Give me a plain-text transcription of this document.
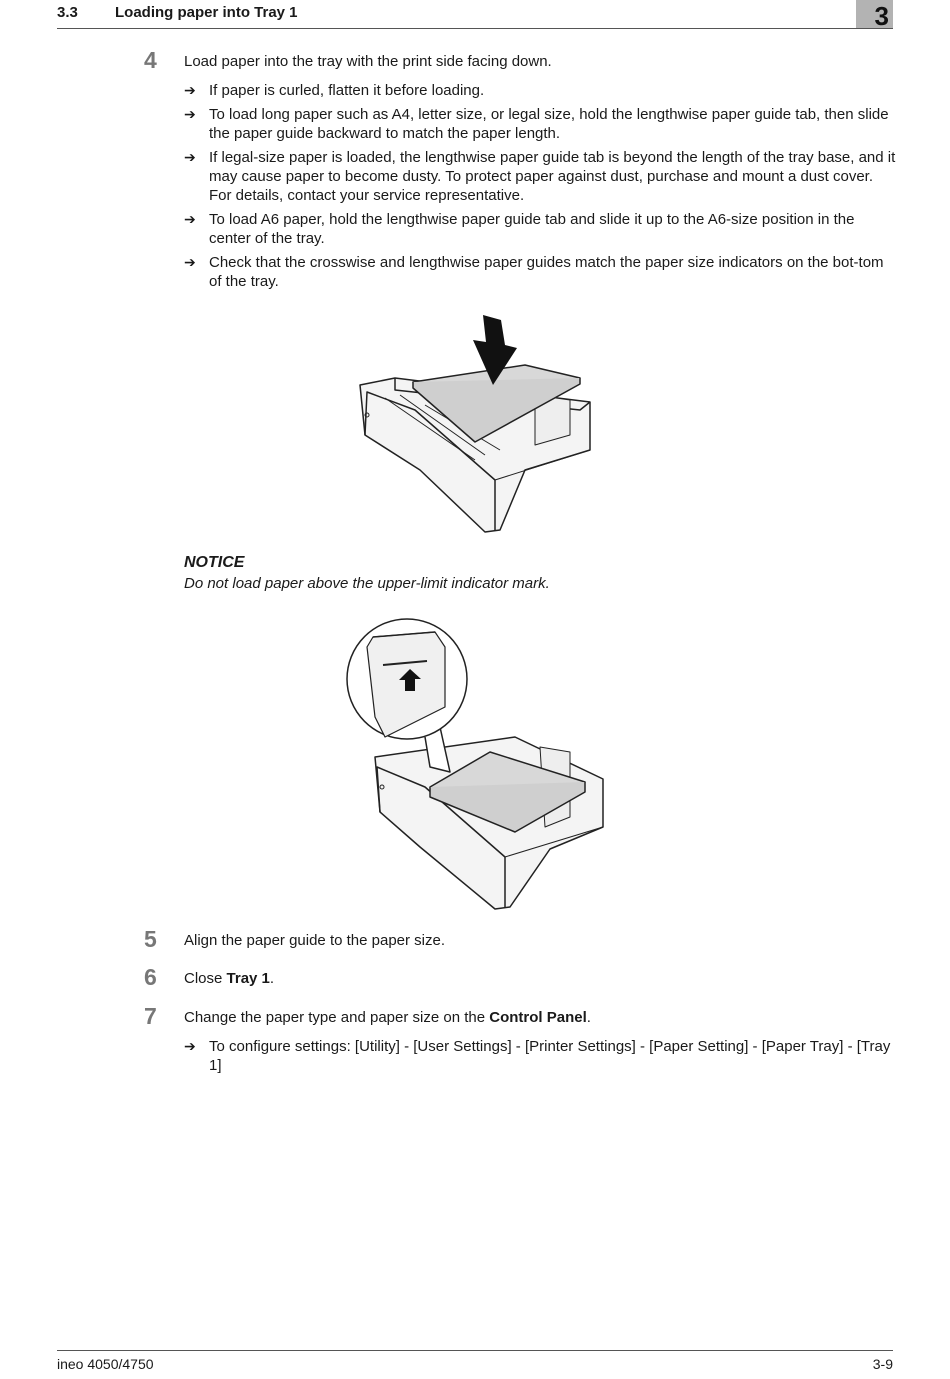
3.3 Loading paper into Tray 1	3
4 Load paper into the tray with the print side facing down.
➔ If paper is curled, flatten it before loading.
➔ To load long paper such as A4, letter size, or legal size, hold the lengthwise paper guide tab, then slide the paper guide backward to match the paper length.
➔ If legal-size paper is loaded, the lengthwise paper guide tab is beyond the length of the tray base, and it may cause paper to become dusty. To protect paper against dust, purchase and mount a dust cover. For details, contact your service representative.
➔ To load A6 paper, hold the lengthwise paper guide tab and slide it up to the A6-size position in the center of the tray.
➔ Check that the crosswise and lengthwise paper guides match the paper size indicators on the bot-tom of the tray.
NOTICE
Do not load paper above the upper-limit indicator mark.
5 Align the paper guide to the paper size.
6 Close Tray 1.
7 Change the paper type and paper size on the Control Panel.
➔ To configure settings: [Utility] - [User Settings] - [Printer Settings] - [Paper Setting] - [Paper Tray] - [Tray 1]
ineo 4050/4750	3-9
